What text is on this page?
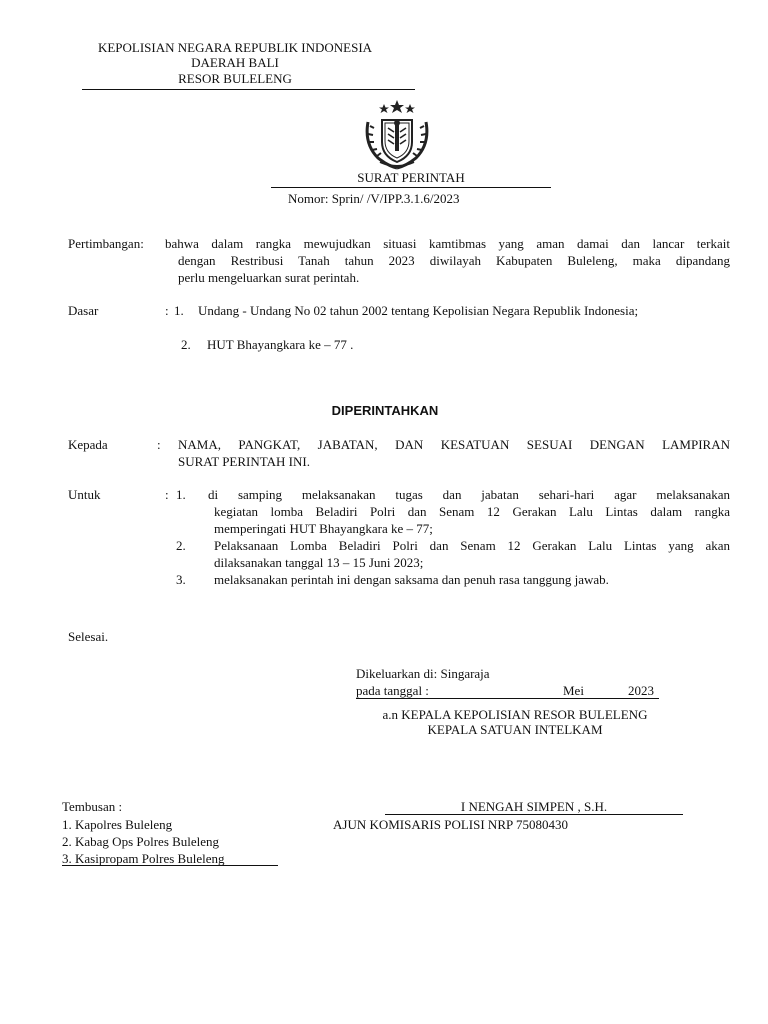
KEPOLISIAN NEGARA REPUBLIK INDONESIA
DAERAH BALI
RESOR BULELENG
SURAT PERINTAH
Nomor: Sprin/ /V/IPP.3.1.6/2023
Pertimbangan: bahwa dalam rangka mewujudkan situasi kamtibmas yang aman damai dan lancar terkait
dengan Restribusi Tanah tahun 2023 diwilayah Kabupaten Buleleng, maka dipandang
perlu mengeluarkan surat perintah.
Dasar	: 1. Undang - Undang No 02 tahun 2002 tentang Kepolisian Negara Republik Indonesia;
2. HUT Bhayangkara ke – 77 .
DIPERINTAHKAN
Kepada	: NAMA, PANGKAT, JABATAN, DAN KESATUAN SESUAI DENGAN LAMPIRAN
SURAT PERINTAH INI.
Untuk	: 1. di samping melaksanakan tugas dan jabatan sehari-hari agar melaksanakan
kegiatan lomba Beladiri Polri dan Senam 12 Gerakan Lalu Lintas dalam rangka
memperingati HUT Bhayangkara ke – 77;
2. Pelaksanaan Lomba Beladiri Polri dan Senam 12 Gerakan Lalu Lintas yang akan
dilaksanakan tanggal 13 – 15 Juni 2023;
3. melaksanakan perintah ini dengan saksama dan penuh rasa tanggung jawab.
Selesai.
Dikeluarkan di: Singaraja
pada tanggal :	Mei	2023
a.n KEPALA KEPOLISIAN RESOR BULELENG
KEPALA SATUAN INTELKAM
I NENGAH SIMPEN , S.H.
AJUN KOMISARIS POLISI NRP 75080430
Tembusan :
1. Kapolres Buleleng
2. Kabag Ops Polres Buleleng
3. Kasipropam Polres Buleleng
